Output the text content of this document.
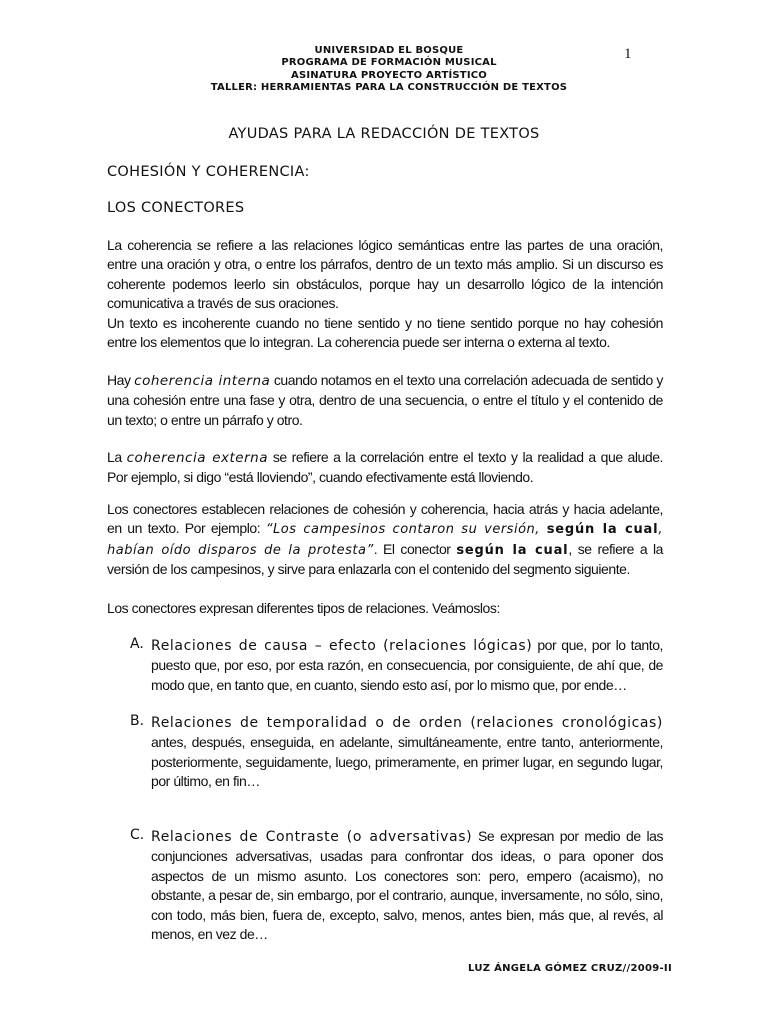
1
UNIVERSIDAD EL BOSQUE
PROGRAMA DE FORMACIÓN MUSICAL
ASINATURA PROYECTO ARTÍSTICO
TALLER: HERRAMIENTAS PARA LA CONSTRUCCIÓN DE TEXTOS
AYUDAS PARA LA REDACCIÓN DE TEXTOS
COHESIÓN Y COHERENCIA:
LOS CONECTORES
La coherencia se refiere a las relaciones lógico semánticas entre las partes de una oración, entre una oración y otra, o entre los párrafos, dentro de un texto más amplio. Si un discurso es coherente podemos leerlo sin obstáculos, porque hay un desarrollo lógico de la intención comunicativa a través de sus oraciones.
Un texto es incoherente cuando no tiene sentido y no tiene sentido porque no hay cohesión entre los elementos que lo integran. La coherencia puede ser interna o externa al texto.
Hay coherencia interna cuando notamos en el texto una correlación adecuada de sentido y una cohesión entre una fase y otra, dentro de una secuencia, o entre el título y el contenido de un texto; o entre un párrafo y otro.
La coherencia externa se refiere a la correlación entre el texto y la realidad a que alude. Por ejemplo, si digo “está lloviendo”, cuando efectivamente está lloviendo.
Los conectores establecen relaciones de cohesión y coherencia, hacia atrás y hacia adelante, en un texto. Por ejemplo: “Los campesinos contaron su versión, según la cual, habían oído disparos de la protesta”. El conector según la cual, se refiere a la versión de los campesinos, y sirve para enlazarla con el contenido del segmento siguiente.
Los conectores expresan diferentes tipos de relaciones. Veámoslos:
A. Relaciones de causa – efecto (relaciones lógicas) por que, por lo tanto, puesto que, por eso, por esta razón, en consecuencia, por consiguiente, de ahí que, de modo que, en tanto que, en cuanto, siendo esto así, por lo mismo que, por ende…
B. Relaciones de temporalidad o de orden (relaciones cronológicas) antes, después, enseguida, en adelante, simultáneamente, entre tanto, anteriormente, posteriormente, seguidamente, luego, primeramente, en primer lugar, en segundo lugar, por último, en fin…
C. Relaciones de Contraste (o adversativas) Se expresan por medio de las conjunciones adversativas, usadas para confrontar dos ideas, o para oponer dos aspectos de un mismo asunto. Los conectores son: pero, empero (acaismo), no obstante, a pesar de, sin embargo, por el contrario, aunque, inversamente, no sólo, sino, con todo, más bien, fuera de, excepto, salvo, menos, antes bien, más que, al revés, al menos, en vez de…
LUZ ÁNGELA GÓMEZ CRUZ//2009-II
